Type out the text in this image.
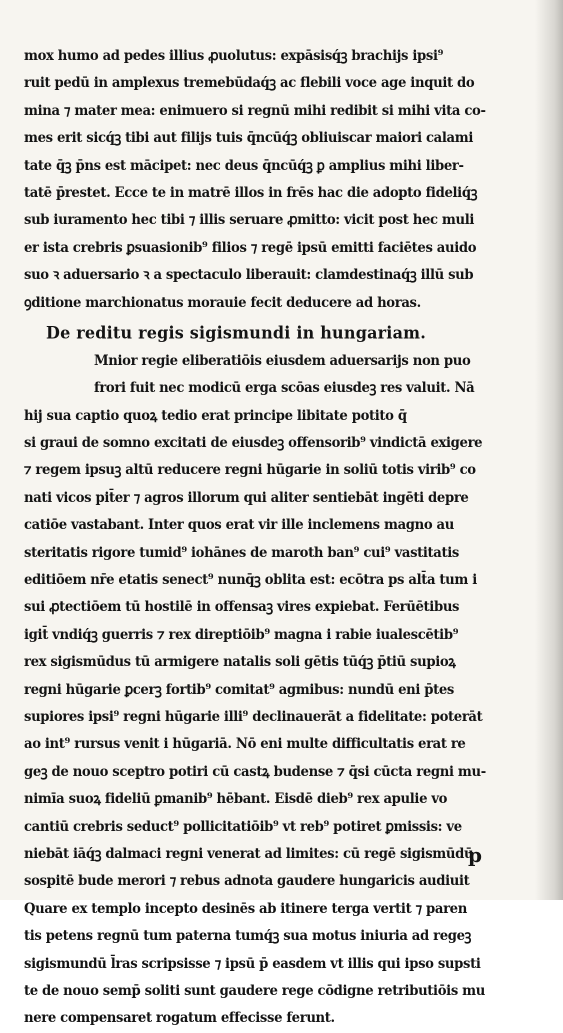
mox humo ad pedes illius ꝓuolutus: expāsisq́ꝫ brachijs ipsi⁹
ruit pedū in amplexus tremebūdaq́ꝫ ac flebili voce age inquit do
mina ⁊ mater mea: enimuero si regnū mihi redibit si mihi vita co-
mes erit sicq́ꝫ tibi aut filijs tuis q̄ncūq́ꝫ obliuiscar maiori calami
tate q̄ꝫ p̄ns est mācipet: nec deus q̄ncūq́ꝫ ꝑ amplius mihi liber-
tatē p̄restet. Ecce te in matrē illos in frēs hac die adopto fideliq́ꝫ
sub iuramento hec tibi ⁊ illis seruare ꝓmitto: vicit post hec muli
er ista crebris ꝑsuasionib⁹ filios ⁊ regē ipsū emitti faciētes auido
suo ꝛ aduersario ꝛ a spectaculo liberauit: clamdestinaq́ꝫ illū sub
ꝯditione marchionatus morauie fecit deducere ad horas.
De reditu regis sigismundi in hungariam.
Mnior regie eliberatiōis eiusdem aduersarijs non puo
frori fuit nec modicū erga scōas eiusdeꝫ res valuit. Nā
hij sua captio quoꝝ tedio erat principe libitate potito q̄
si graui de somno excitati de eiusdeꝫ offensorib⁹ vindictā exigere
⁊ regem ipsuꝫ altū reducere regni hūgarie in soliū totis virib⁹ co
nati vicos pit̄er ⁊ agros illorum qui aliter sentiebāt ingēti depre
catiōe vastabant. Inter quos erat vir ille inclemens magno au
steritatis rigore tumid⁹ iohānes de maroth ban⁹ cui⁹ vastitatis
editiōem nr̄e etatis senect⁹ nunq̄ꝫ oblita est: ecōtra ps alt̄a tum i
sui ꝓtectiōem tū hostilē in offensaꝫ vires expiebat. Ferūētibus
igit̄ vndiq́ꝫ guerris ⁊ rex direptiōib⁹ magna i rabie iualescētib⁹
rex sigismūdus tū armigere natalis soli gētis tūq́ꝫ p̄tiū supioꝝ
regni hūgarie ꝑcerꝫ fortib⁹ comitat⁹ agmibus: nundū eni p̄tes
supiores ipsi⁹ regni hūgarie illi⁹ declinauerāt a fidelitate: poterāt
ao int⁹ rursus venit i hūgariā. Nō eni multe difficultatis erat re
geꝫ de nouo sceptro potiri cū castꝝ budense ⁊ q̄si cūcta regni mu-
nimīa suoꝝ fideliū ꝑmanib⁹ hēbant. Eisdē dieb⁹ rex apulie vo
cantiū crebris seduct⁹ pollicitatiōib⁹ vt reb⁹ potiret ꝑmissis: ve
niebāt iāq́ꝫ dalmaci regni venerat ad limites: cū regē sigismūdū
sospitē bude merori ⁊ rebus adnota gaudere hungaricis audiuit
Quare ex templo incepto desinēs ab itinere terga vertit ⁊ paren
tis petens regnū tum paterna tumq́ꝫ sua motus iniuria ad regeꝫ
sigismundū l̄ras scripsisse ⁊ ipsū p̄ easdem vt illis qui ipso supsti
te de nouo semp̄ soliti sunt gaudere rege cōdigne retributiōis mu
nere compensaret rogatum effecisse ferunt.
p
